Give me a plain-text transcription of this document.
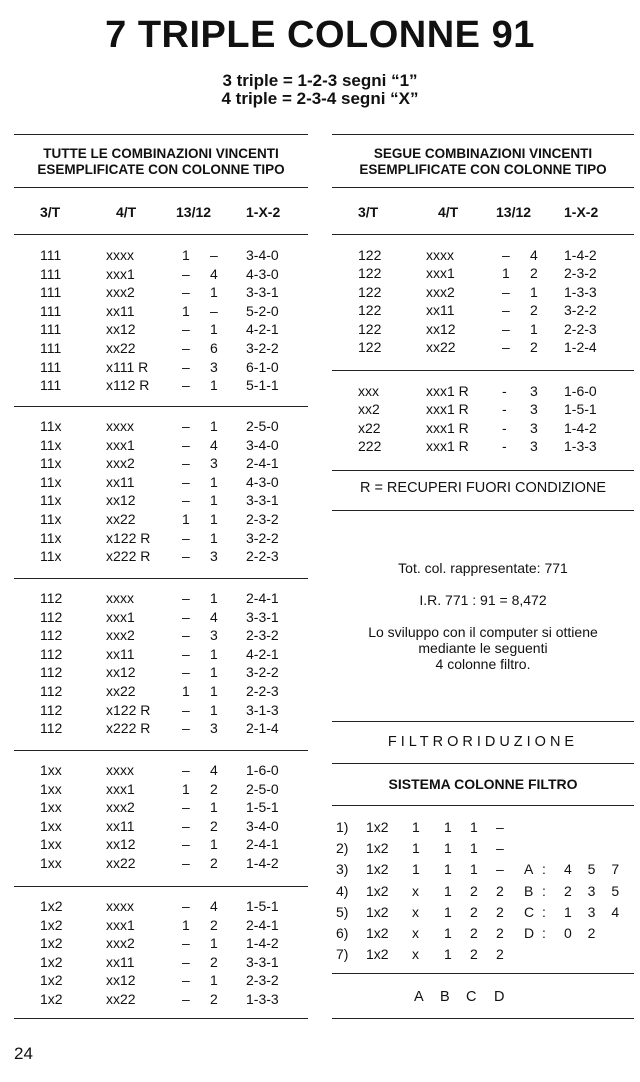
7 TRIPLE COLONNE 91
3 triple = 1-2-3 segni “1”
4 triple = 2-3-4 segni “X”
TUTTE LE COMBINAZIONI VINCENTI
ESEMPLIFICATE CON COLONNE TIPO
3/T	4/T	13/12 1-X-2
111	xxxx	1 – 3-4-0
111	xxx1	– 4 4-3-0
111	xxx2	– 1 3-3-1
111	xx11	1 – 5-2-0
111	xx12	– 1 4-2-1
111	xx22	– 6 3-2-2
111	x111 R – 3 6-1-0
111	x112 R – 1 5-1-1
11x	xxxx	– 1 2-5-0
11x	xxx1	– 4 3-4-0
11x	xxx2	– 3 2-4-1
11x	xx11	– 1 4-3-0
11x	xx12	– 1 3-3-1
11x	xx22	1 1 2-3-2
11x	x122 R – 1 3-2-2
11x	x222 R – 3 2-2-3
112	xxxx	– 1 2-4-1
112	xxx1	– 4 3-3-1
112	xxx2	– 3 2-3-2
112	xx11	– 1 4-2-1
112	xx12	– 1 3-2-2
112	xx22	1 1 2-2-3
112	x122 R – 1 3-1-3
112	x222 R – 3 2-1-4
1xx	xxxx	– 4 1-6-0
1xx	xxx1	1 2 2-5-0
1xx	xxx2	– 1 1-5-1
1xx	xx11	– 2 3-4-0
1xx	xx12	– 1 2-4-1
1xx	xx22	– 2 1-4-2
1x2	xxxx	– 4 1-5-1
1x2	xxx1	1 2 2-4-1
1x2	xxx2	– 1 1-4-2
1x2	xx11	– 2 3-3-1
1x2	xx12	– 1 2-3-2
1x2	xx22	– 2 1-3-3
SEGUE COMBINAZIONI VINCENTI
ESEMPLIFICATE CON COLONNE TIPO
3/T	4/T	13/12 1-X-2
122	xxxx	– 4 1-4-2
122	xxx1	1 2 2-3-2
122	xxx2	– 1 1-3-3
122	xx11	– 2 3-2-2
122	xx12	– 1 2-2-3
122	xx22	– 2 1-2-4
xxx	xxx1 R - 3 1-6-0
xx2	xxx1 R - 3 1-5-1
x22	xxx1 R - 3 1-4-2
222	xxx1 R - 3 1-3-3
R = RECUPERI FUORI CONDIZIONE
Tot. col. rappresentate: 771
I.R. 771 : 91 = 8,472
Lo sviluppo con il computer si ottiene
mediante le seguenti
4 colonne filtro.
FILTRORIDUZIONE
SISTEMA COLONNE FILTRO
1) 1x2 1 1 1 –
2) 1x2 1 1 1 –
3) 1x2 1 1 1 – A : 4 5 7
4) 1x2 x 1 2 2 B : 2 3 5
5) 1x2 x 1 2 2 C : 1 3 4
6) 1x2 x 1 2 2 D : 0 2
7) 1x2 x 1 2 2
A B C D
24
